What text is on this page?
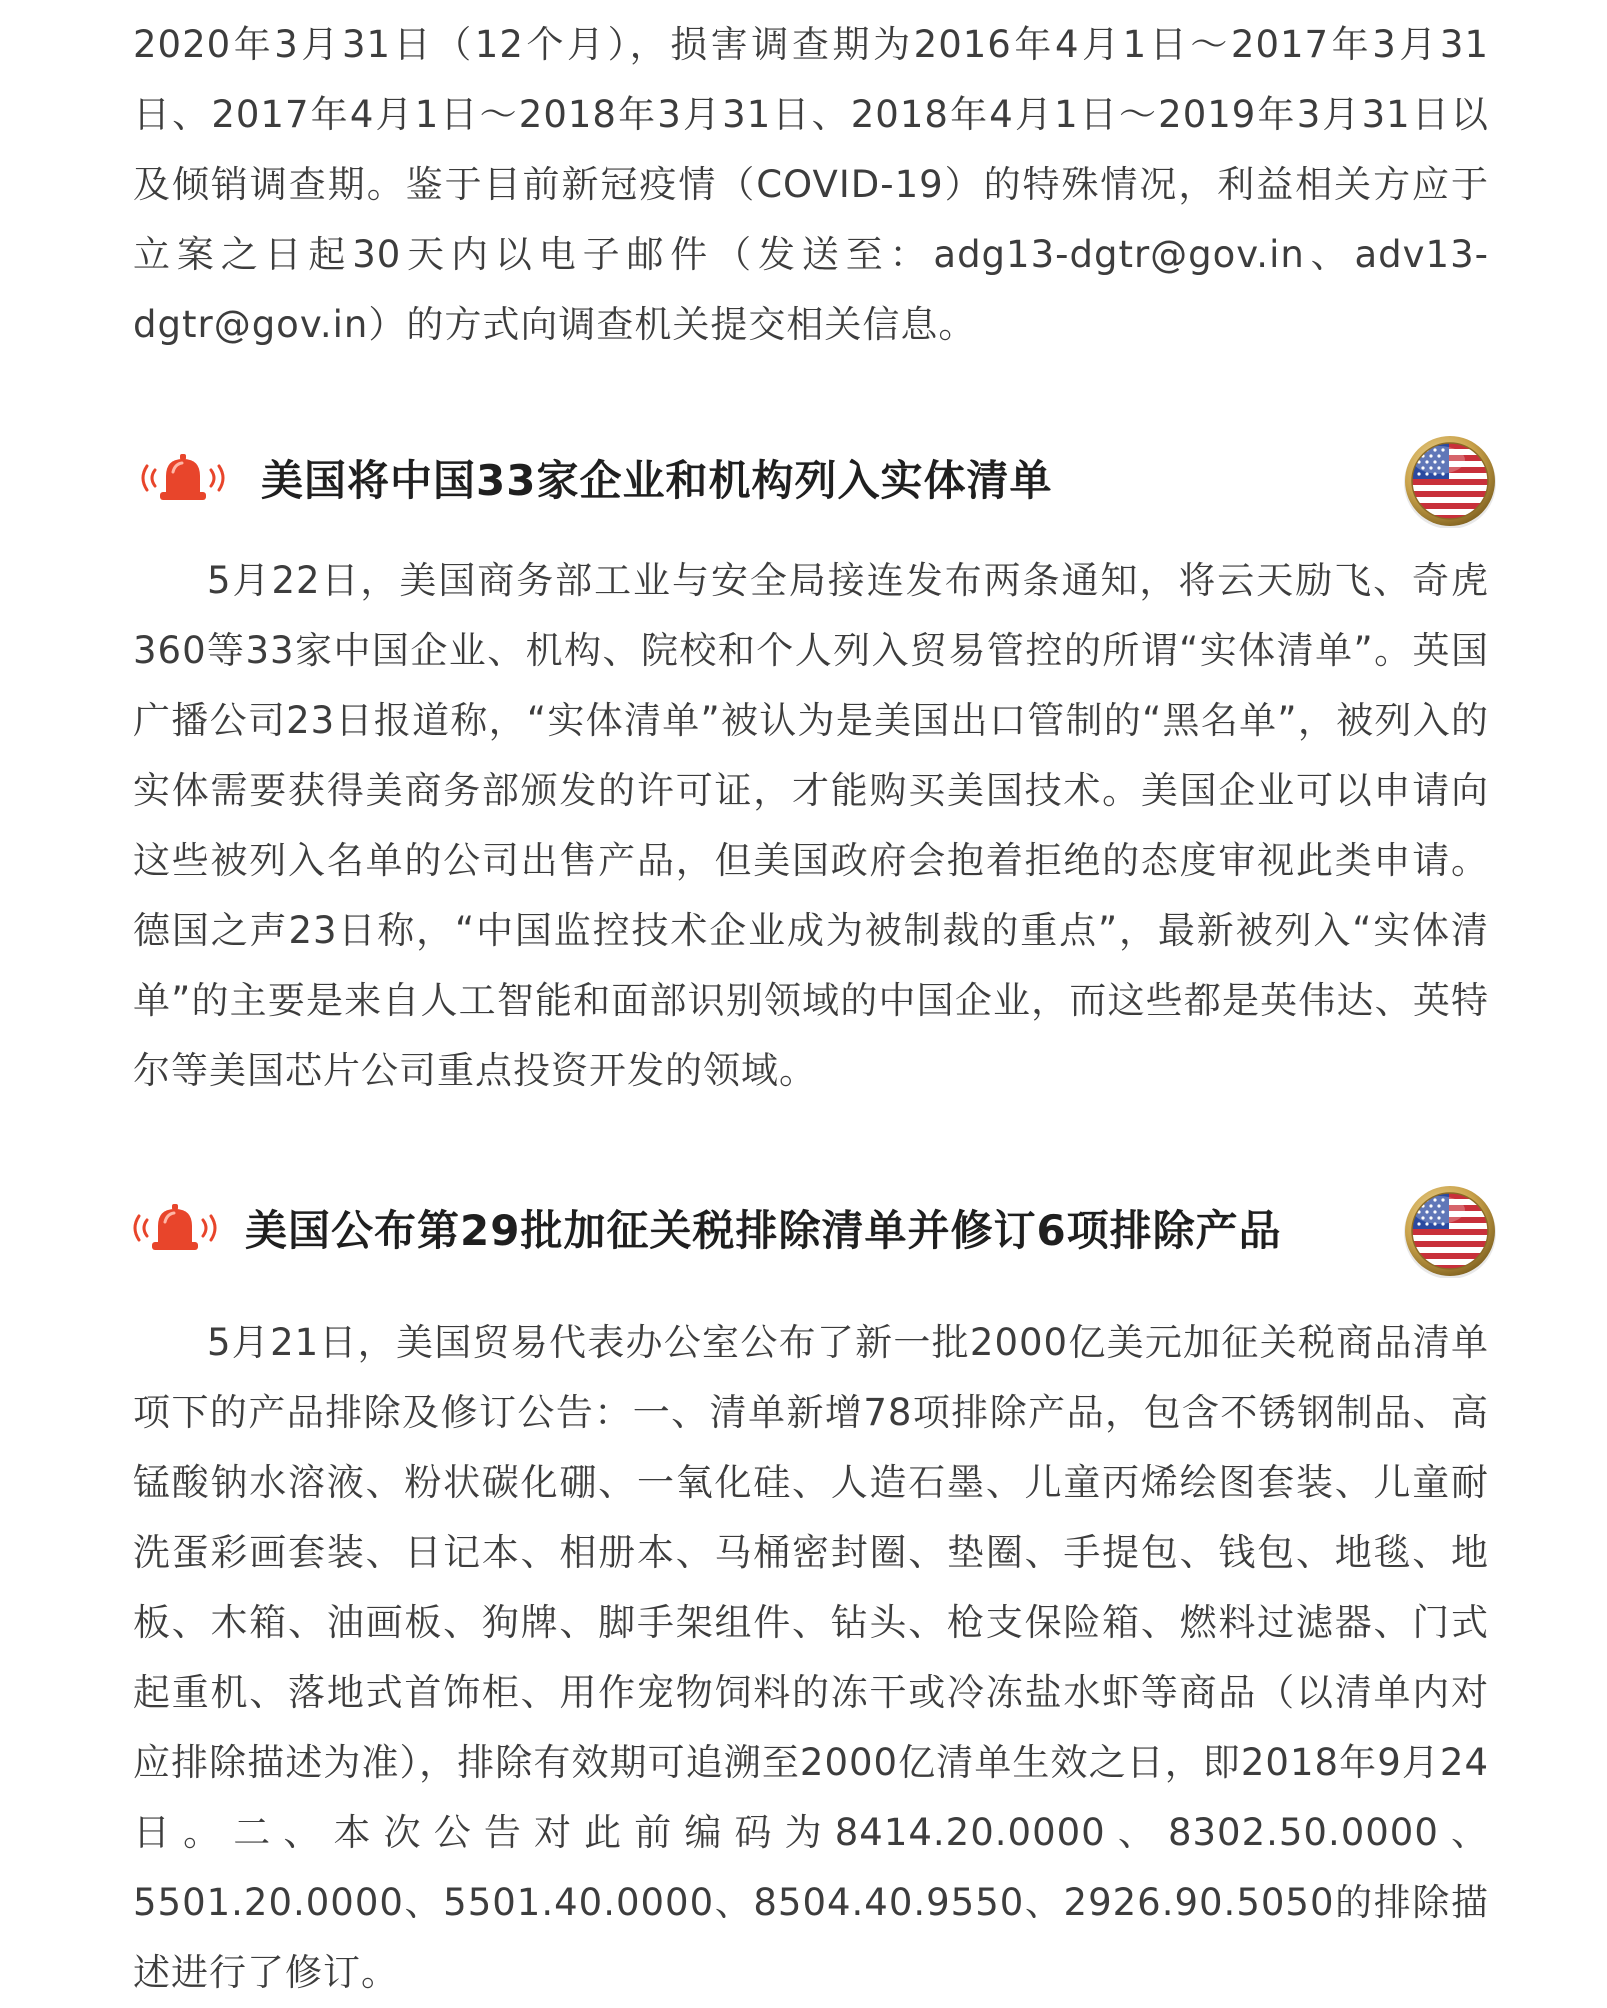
2020年3月31日（12个月），损害调查期为2016年4月1日～2017年3月31日、2017年4月1日～2018年3月31日、2018年4月1日～2019年3月31日以及倾销调查期。鉴于目前新冠疫情（COVID-19）的特殊情况，利益相关方应于立案之日起30天内以电子邮件（发送至：adg13-dgtr@gov.in、adv13-dgtr@gov.in）的方式向调查机关提交相关信息。

美国将中国33家企业和机构列入实体清单

5月22日，美国商务部工业与安全局接连发布两条通知，将云天励飞、奇虎360等33家中国企业、机构、院校和个人列入贸易管控的所谓“实体清单”。英国广播公司23日报道称，“实体清单”被认为是美国出口管制的“黑名单”，被列入的实体需要获得美商务部颁发的许可证，才能购买美国技术。美国企业可以申请向这些被列入名单的公司出售产品，但美国政府会抱着拒绝的态度审视此类申请。德国之声23日称，“中国监控技术企业成为被制裁的重点”，最新被列入“实体清单”的主要是来自人工智能和面部识别领域的中国企业，而这些都是英伟达、英特尔等美国芯片公司重点投资开发的领域。

美国公布第29批加征关税排除清单并修订6项排除产品

5月21日，美国贸易代表办公室公布了新一批2000亿美元加征关税商品清单项下的产品排除及修订公告：一、清单新增78项排除产品，包含不锈钢制品、高锰酸钠水溶液、粉状碳化硼、一氧化硅、人造石墨、儿童丙烯绘图套装、儿童耐洗蛋彩画套装、日记本、相册本、马桶密封圈、垫圈、手提包、钱包、地毯、地板、木箱、油画板、狗牌、脚手架组件、钻头、枪支保险箱、燃料过滤器、门式起重机、落地式首饰柜、用作宠物饲料的冻干或冷冻盐水虾等商品（以清单内对应排除描述为准），排除有效期可追溯至2000亿清单生效之日，即2018年9月24日。二、本次公告对此前编码为8414.20.0000、8302.50.0000、5501.20.0000、5501.40.0000、8504.40.9550、2926.90.5050的排除描述进行了修订。
